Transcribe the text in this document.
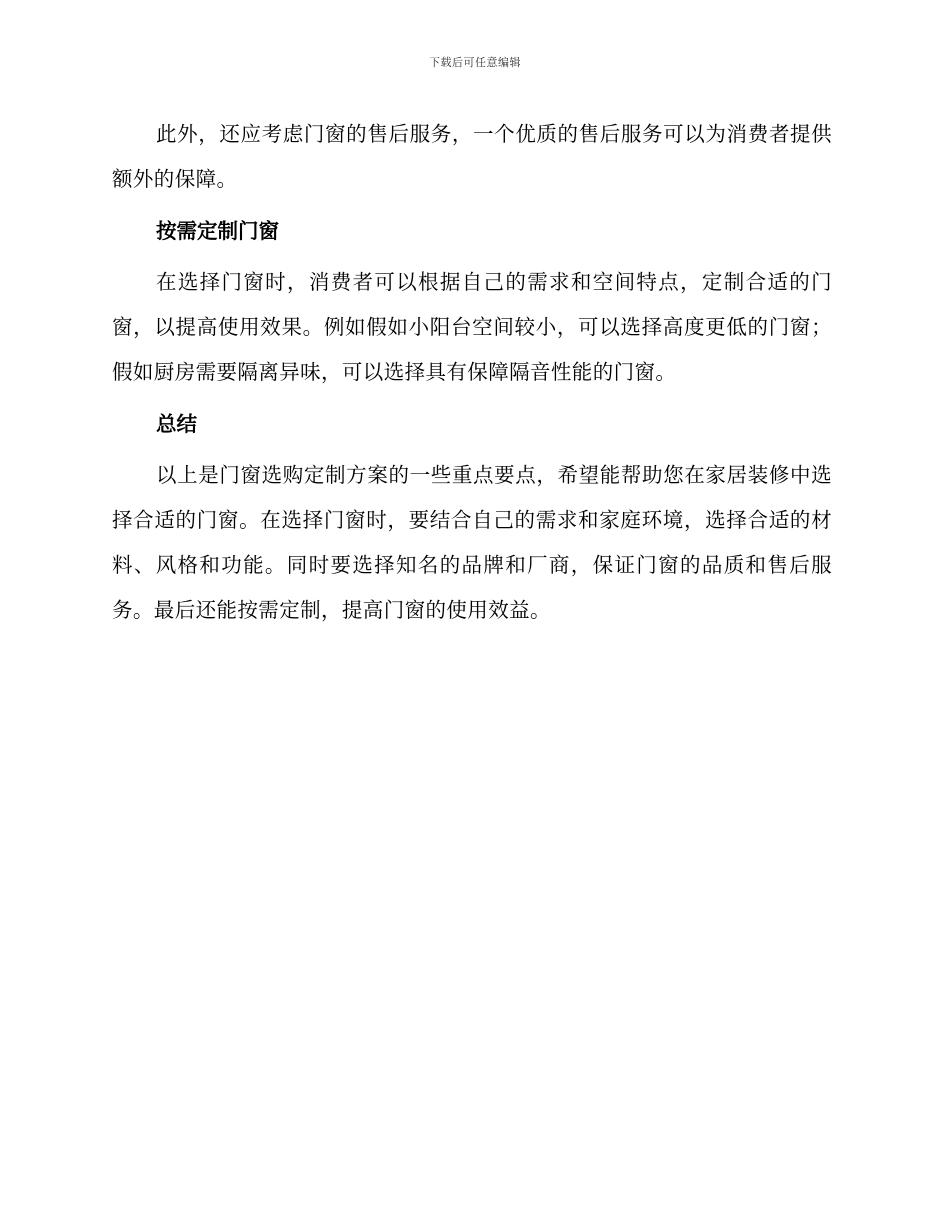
下载后可任意编辑

此外，还应考虑门窗的售后服务，一个优质的售后服务可以为消费者提供额外的保障。

按需定制门窗

在选择门窗时，消费者可以根据自己的需求和空间特点，定制合适的门窗，以提高使用效果。例如假如小阳台空间较小，可以选择高度更低的门窗；假如厨房需要隔离异味，可以选择具有保障隔音性能的门窗。

总结

以上是门窗选购定制方案的一些重点要点，希望能帮助您在家居装修中选择合适的门窗。在选择门窗时，要结合自己的需求和家庭环境，选择合适的材料、风格和功能。同时要选择知名的品牌和厂商，保证门窗的品质和售后服务。最后还能按需定制，提高门窗的使用效益。
